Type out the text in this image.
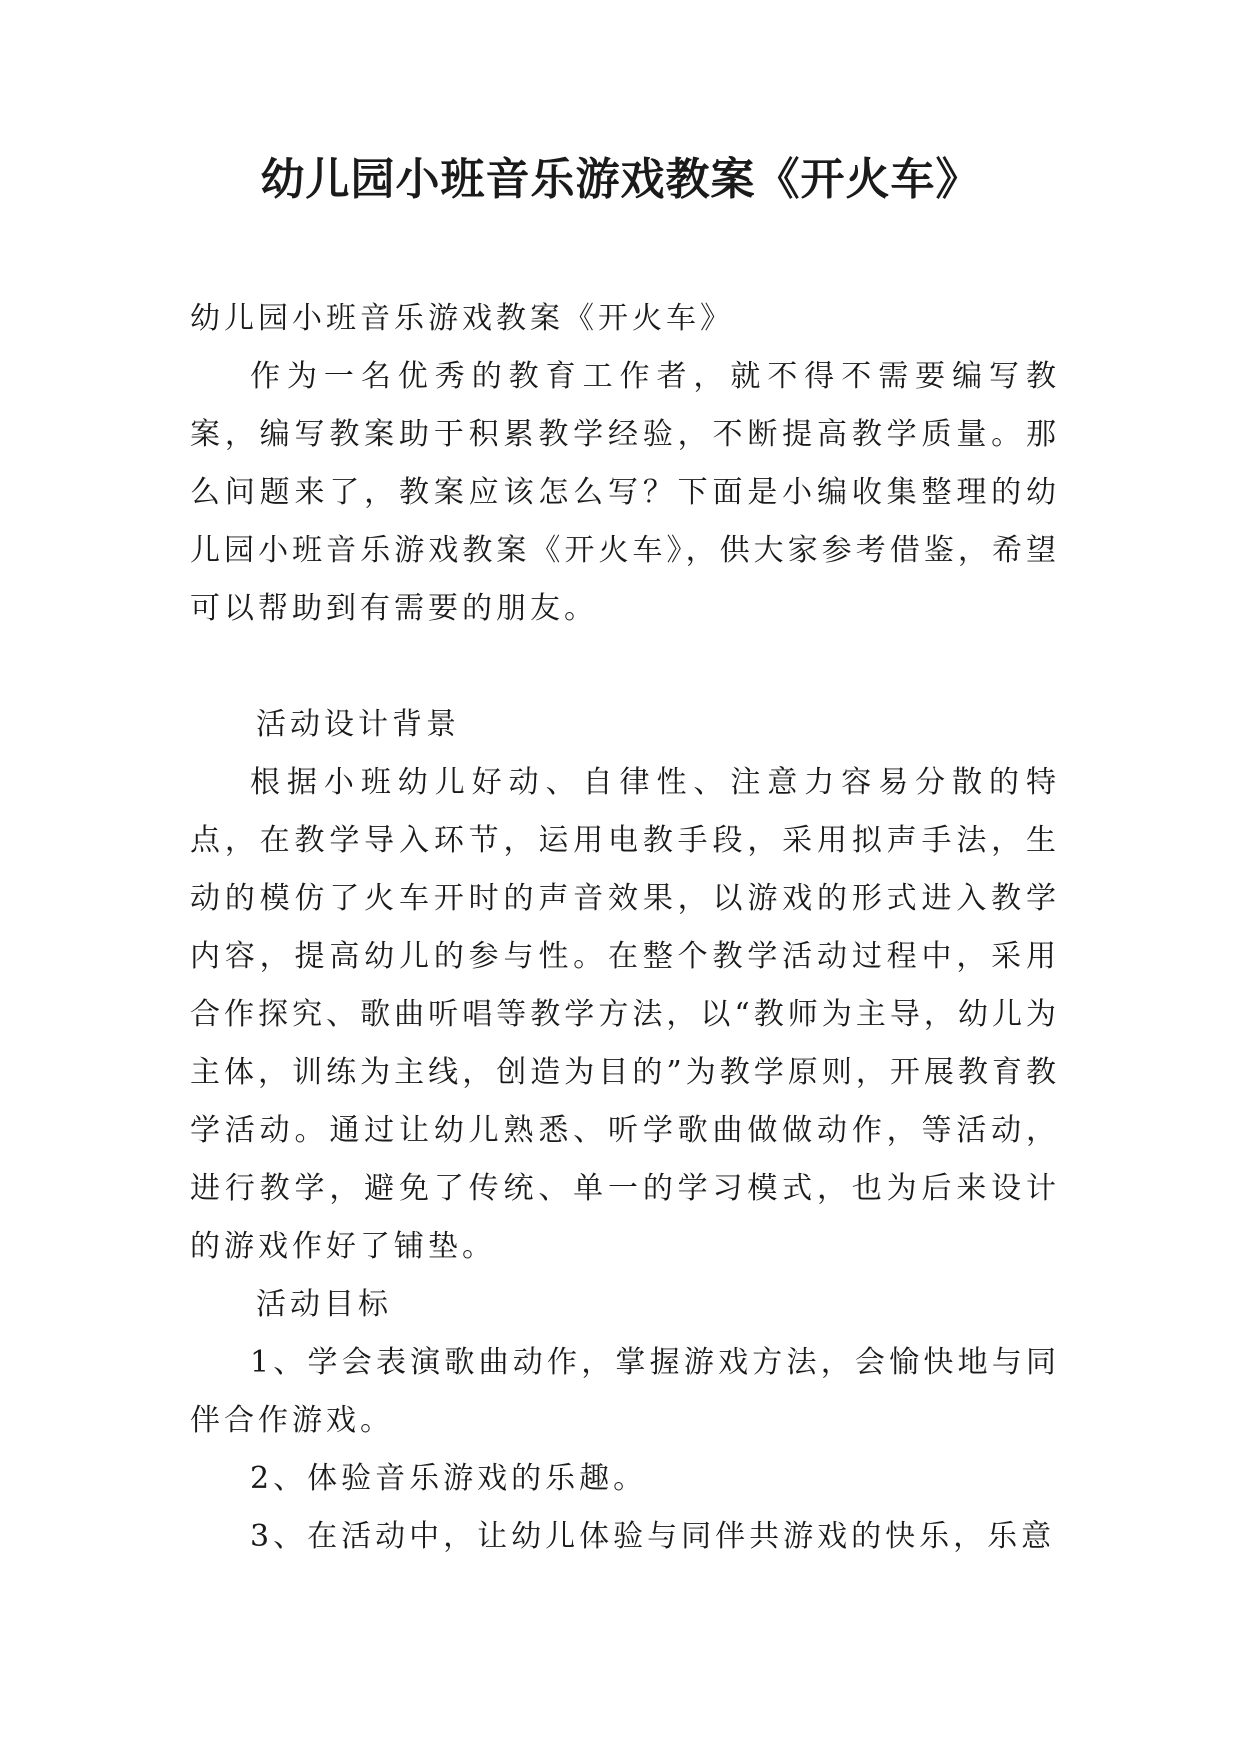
幼儿园小班音乐游戏教案《开火车》

幼儿园小班音乐游戏教案《开火车》

作为一名优秀的教育工作者，就不得不需要编写教案，编写教案助于积累教学经验，不断提高教学质量。那么问题来了，教案应该怎么写？下面是小编收集整理的幼儿园小班音乐游戏教案《开火车》，供大家参考借鉴，希望可以帮助到有需要的朋友。

活动设计背景

根据小班幼儿好动、自律性、注意力容易分散的特点，在教学导入环节，运用电教手段，采用拟声手法，生动的模仿了火车开时的声音效果，以游戏的形式进入教学内容，提高幼儿的参与性。在整个教学活动过程中，采用合作探究、歌曲听唱等教学方法，以“教师为主导，幼儿为主体，训练为主线，创造为目的”为教学原则，开展教育教学活动。通过让幼儿熟悉、听学歌曲做做动作，等活动，进行教学，避免了传统、单一的学习模式，也为后来设计的游戏作好了铺垫。

活动目标

1、学会表演歌曲动作，掌握游戏方法，会愉快地与同伴合作游戏。

2、体验音乐游戏的乐趣。

3、在活动中，让幼儿体验与同伴共游戏的快乐，乐意
